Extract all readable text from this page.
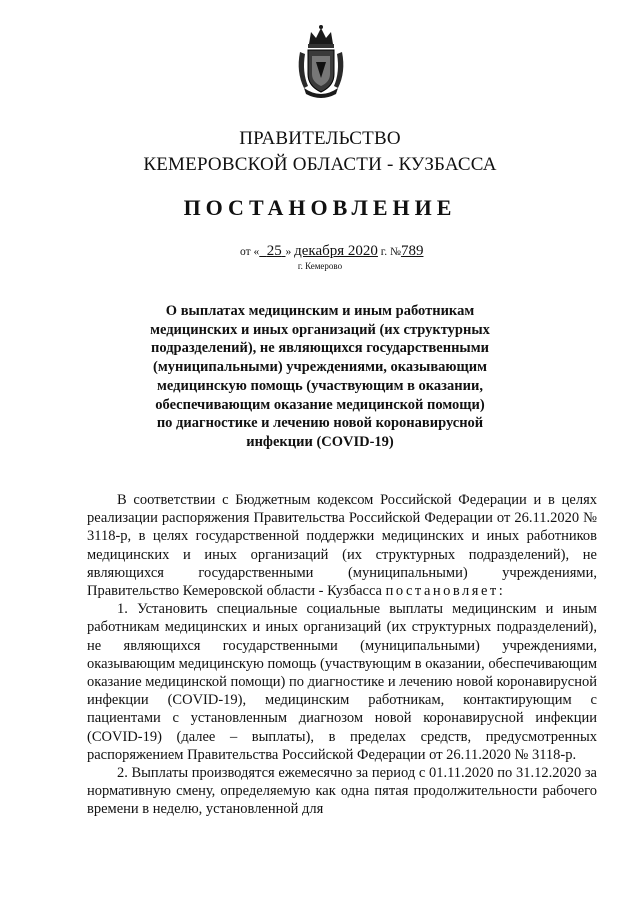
ПРАВИТЕЛЬСТВО
КЕМЕРОВСКОЙ ОБЛАСТИ - КУЗБАССА
ПОСТАНОВЛЕНИЕ
от « 25 » декабря 2020 г. №789
г. Кемерово
О выплатах медицинским и иным работникам медицинских и иных организаций (их структурных подразделений), не являющихся государственными (муниципальными) учреждениями, оказывающим медицинскую помощь (участвующим в оказании, обеспечивающим оказание медицинской помощи) по диагностике и лечению новой коронавирусной инфекции (COVID-19)

В соответствии с Бюджетным кодексом Российской Федерации и в целях реализации распоряжения Правительства Российской Федерации от 26.11.2020 № 3118-р, в целях государственной поддержки медицинских и иных работников медицинских и иных организаций (их структурных подразделений), не являющихся государственными (муниципальными) учреждениями, Правительство Кемеровской области - Кузбасса постановляет:

1. Установить специальные социальные выплаты медицинским и иным работникам медицинских и иных организаций (их структурных подразделений), не являющихся государственными (муниципальными) учреждениями, оказывающим медицинскую помощь (участвующим в оказании, обеспечивающим оказание медицинской помощи) по диагностике и лечению новой коронавирусной инфекции (COVID-19), медицинским работникам, контактирующим с пациентами с установленным диагнозом новой коронавирусной инфекции (COVID-19) (далее – выплаты), в пределах средств, предусмотренных распоряжением Правительства Российской Федерации от 26.11.2020 № 3118-р.

2. Выплаты производятся ежемесячно за период с 01.11.2020 по 31.12.2020 за нормативную смену, определяемую как одна пятая продолжительности рабочего времени в неделю, установленной для
